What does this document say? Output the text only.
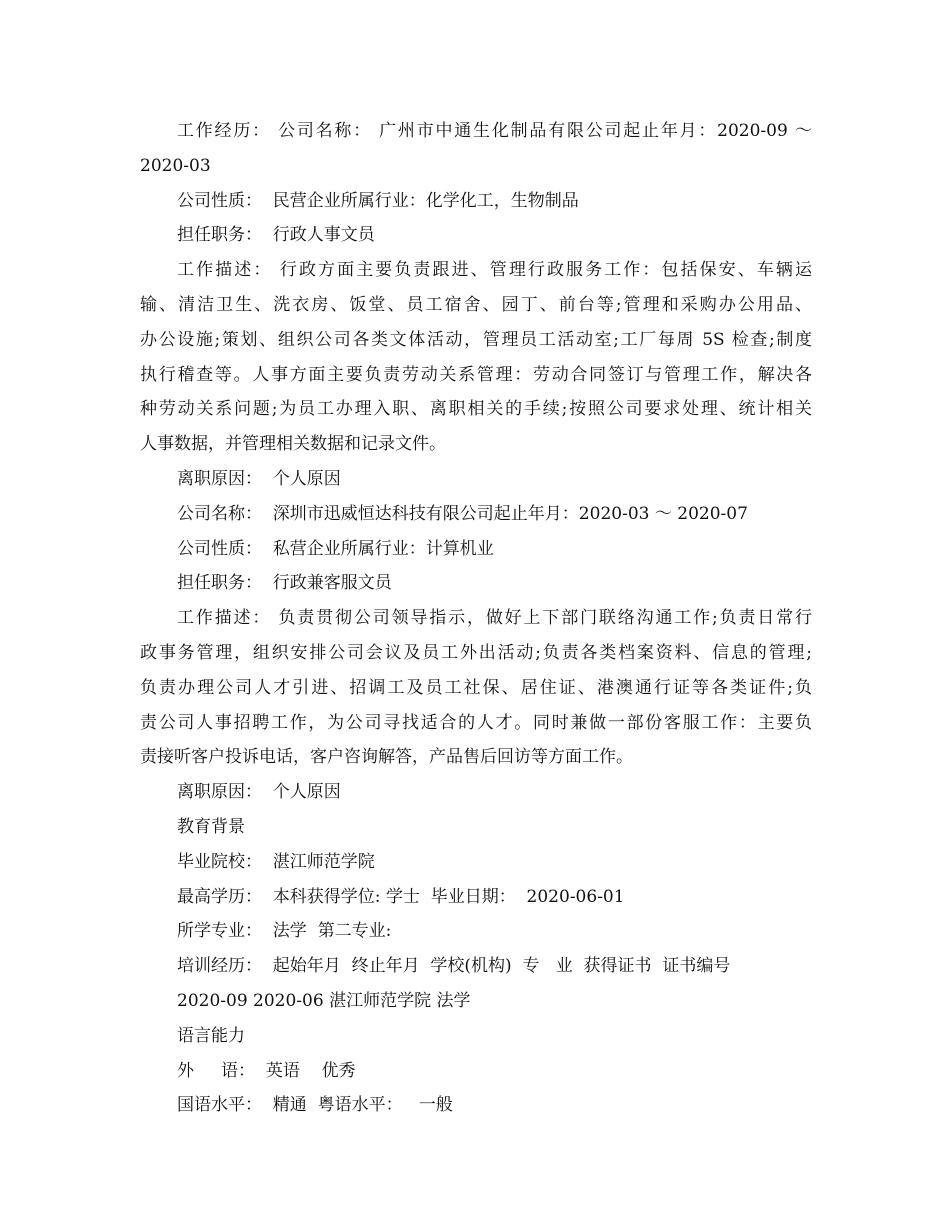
工作经历： 公司名称： 广州市中通生化制品有限公司起止年月：2020-09 ～
2020-03
公司性质：  民营企业所属行业：化学化工，生物制品
担任职务：  行政人事文员
工作描述： 行政方面主要负责跟进、管理行政服务工作：包括保安、车辆运
输、清洁卫生、洗衣房、饭堂、员工宿舍、园丁、前台等;管理和采购办公用品、
办公设施;策划、组织公司各类文体活动，管理员工活动室;工厂每周 5S 检查;制度
执行稽查等。人事方面主要负责劳动关系管理：劳动合同签订与管理工作，解决各
种劳动关系问题;为员工办理入职、离职相关的手续;按照公司要求处理、统计相关
人事数据，并管理相关数据和记录文件。
离职原因：  个人原因
公司名称：  深圳市迅威恒达科技有限公司起止年月：2020-03 ～ 2020-07
公司性质：  私营企业所属行业：计算机业
担任职务：  行政兼客服文员
工作描述： 负责贯彻公司领导指示，做好上下部门联络沟通工作;负责日常行
政事务管理，组织安排公司会议及员工外出活动;负责各类档案资料、信息的管理;
负责办理公司人才引进、招调工及员工社保、居住证、港澳通行证等各类证件;负
责公司人事招聘工作，为公司寻找适合的人才。同时兼做一部份客服工作：主要负
责接听客户投诉电话，客户咨询解答，产品售后回访等方面工作。
离职原因：  个人原因
教育背景
毕业院校：  湛江师范学院
最高学历：  本科获得学位: 学士  毕业日期：  2020-06-01
所学专业：  法学  第二专业:
培训经历：  起始年月  终止年月  学校(机构)  专   业  获得证书  证书编号
2020-09 2020-06 湛江师范学院 法学
语言能力
外     语：  英语    优秀
国语水平：  精通  粤语水平：   一般
